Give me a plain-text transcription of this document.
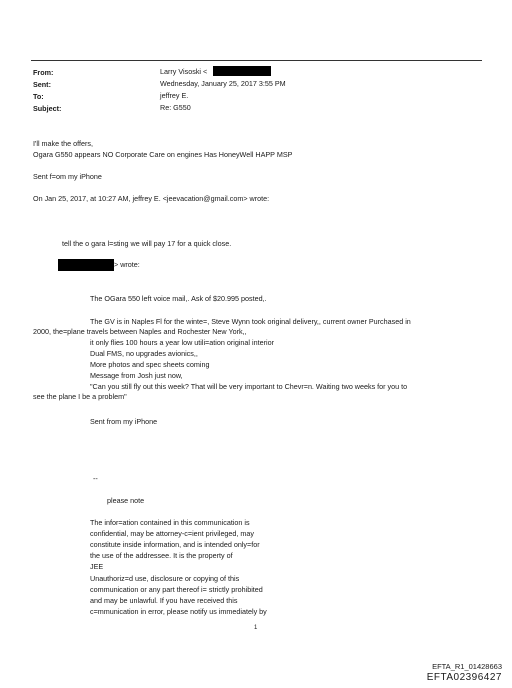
From:	Larry Visoski <
Sent:	Wednesday, January 25, 2017 3:55 PM
To:	jeffrey E.
Subject:	Re: G550
I'll make the offers,
Ogara G550 appears NO Corporate Care on engines Has HoneyWell HAPP MSP
Sent f=om my iPhone
On Jan 25, 2017, at 10:27 AM, jeffrey E. <jeevacation@gmail.com> wrote:
tell the o gara l=sting we will pay 17 for a quick close.
> wrote:
The OGara 550 left voice mail,. Ask of $20.995 posted,.
The GV is in Naples Fl for the winte=, Steve Wynn took original delivery,, current owner Purchased in
2000, the=plane travels between Naples and Rochester New York,,
it only flies 100 hours a year low utili=ation original interior
Dual FMS, no upgrades avionics,,
More photos and spec sheets coming
Message from Josh just now,
"Can you still fly out this week? That will be very important to Chevr=n. Waiting two weeks for you to
see the plane I be a problem"
Sent from my iPhone
--
please note
The infor=ation contained in this communication is
confidential, may be attorney-c=ient privileged, may
constitute inside information, and is intended only=for
the use of the addressee. It is the property of
JEE
Unauthoriz=d use, disclosure or copying of this
communication or any part thereof i= strictly prohibited
and may be unlawful. If you have received this
c=mmunication in error, please notify us immediately by
1
EFTA_R1_01428663
EFTA02396427
